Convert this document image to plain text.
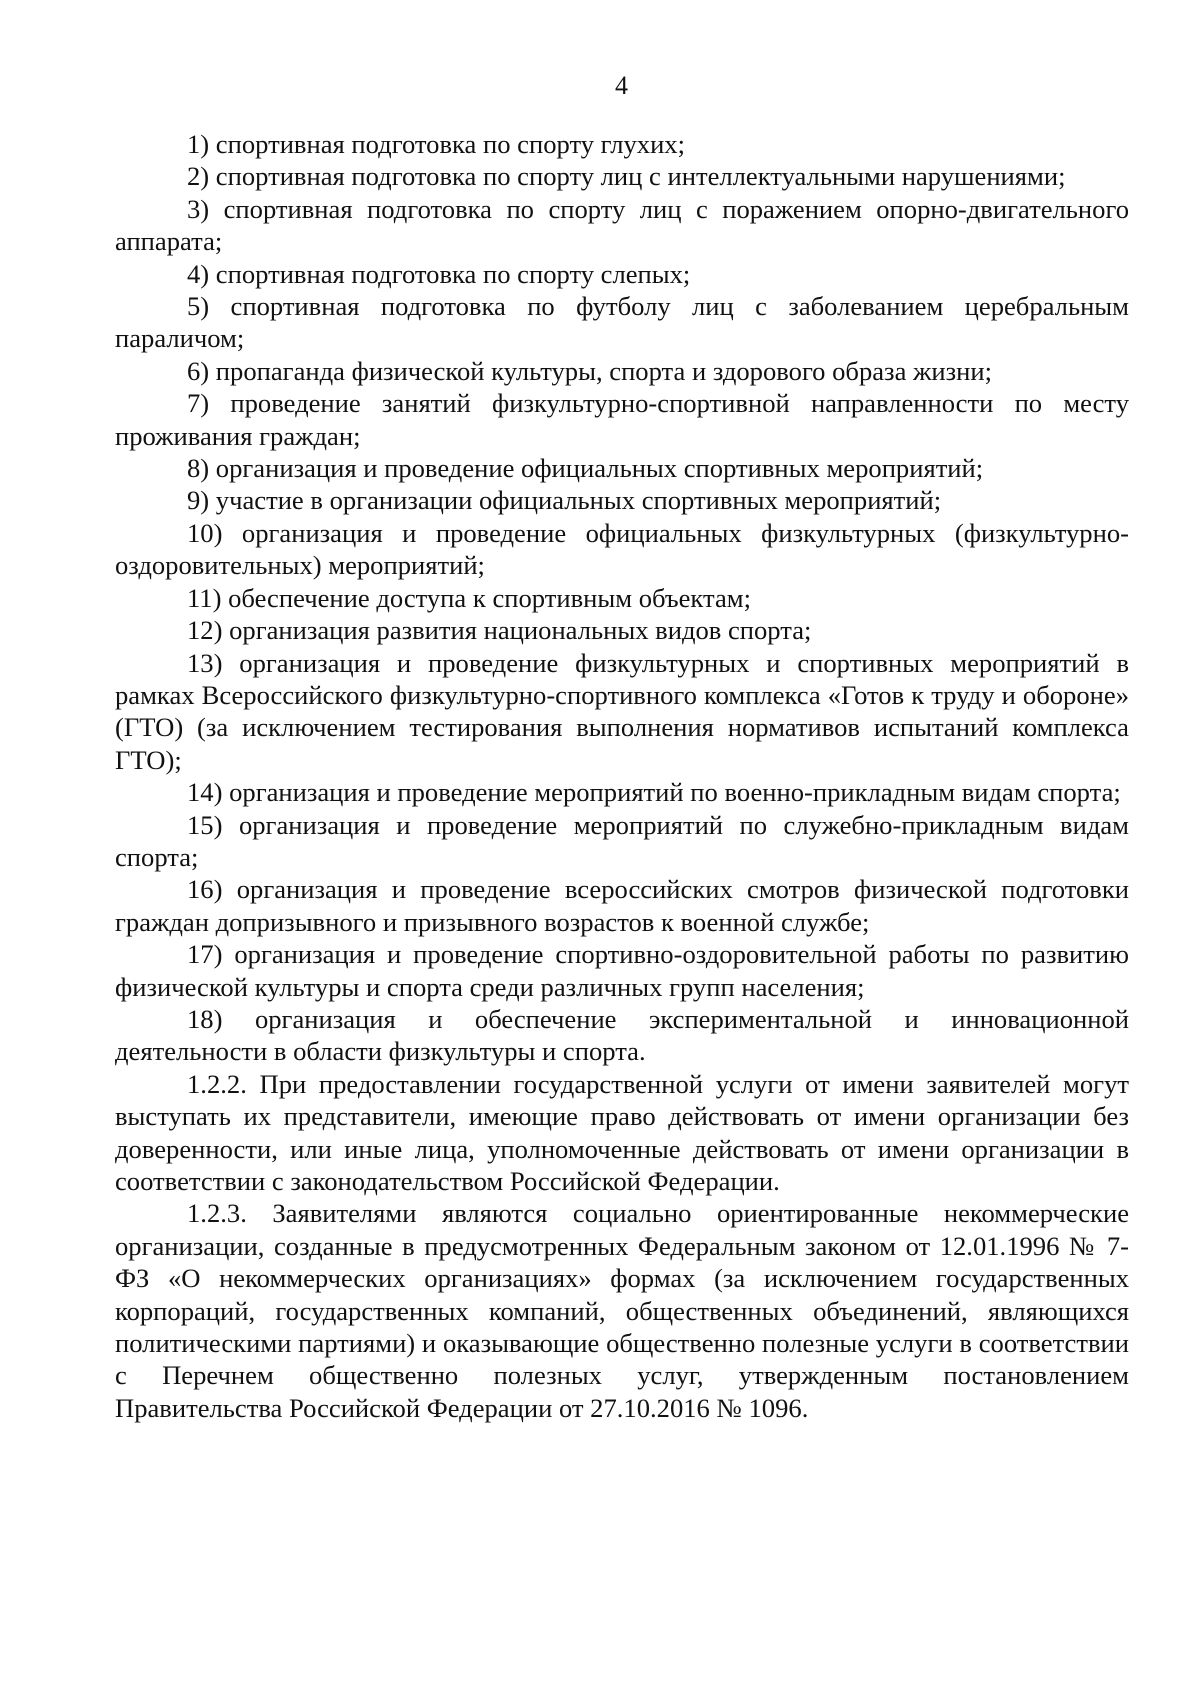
4

1) спортивная подготовка по спорту глухих;

2) спортивная подготовка по спорту лиц с интеллектуальными нарушениями;

3) спортивная подготовка по спорту лиц с поражением опорно-двигательного аппарата;

4) спортивная подготовка по спорту слепых;

5) спортивная подготовка по футболу лиц с заболеванием церебральным параличом;

6) пропаганда физической культуры, спорта и здорового образа жизни;

7) проведение занятий физкультурно-спортивной направленности по месту проживания граждан;

8) организация и проведение официальных спортивных мероприятий;

9) участие в организации официальных спортивных мероприятий;

10) организация и проведение официальных физкультурных (физкультурно-оздоровительных) мероприятий;

11) обеспечение доступа к спортивным объектам;

12) организация развития национальных видов спорта;

13) организация и проведение физкультурных и спортивных мероприятий в рамках Всероссийского физкультурно-спортивного комплекса «Готов к труду и обороне» (ГТО) (за исключением тестирования выполнения нормативов испытаний комплекса ГТО);

14) организация и проведение мероприятий по военно-прикладным видам спорта;

15) организация и проведение мероприятий по служебно-прикладным видам спорта;

16) организация и проведение всероссийских смотров физической подготовки граждан допризывного и призывного возрастов к военной службе;

17) организация и проведение спортивно-оздоровительной работы по развитию физической культуры и спорта среди различных групп населения;

18) организация и обеспечение экспериментальной и инновационной деятельности в области физкультуры и спорта.

1.2.2. При предоставлении государственной услуги от имени заявителей могут выступать их представители, имеющие право действовать от имени организации без доверенности, или иные лица, уполномоченные действовать от имени организации в соответствии с законодательством Российской Федерации.

1.2.3. Заявителями являются социально ориентированные некоммерческие организации, созданные в предусмотренных Федеральным законом от 12.01.1996 № 7-ФЗ «О некоммерческих организациях» формах (за исключением государственных корпораций, государственных компаний, общественных объединений, являющихся политическими партиями) и оказывающие общественно полезные услуги в соответствии с Перечнем общественно полезных услуг, утвержденным постановлением Правительства Российской Федерации от 27.10.2016 № 1096.
